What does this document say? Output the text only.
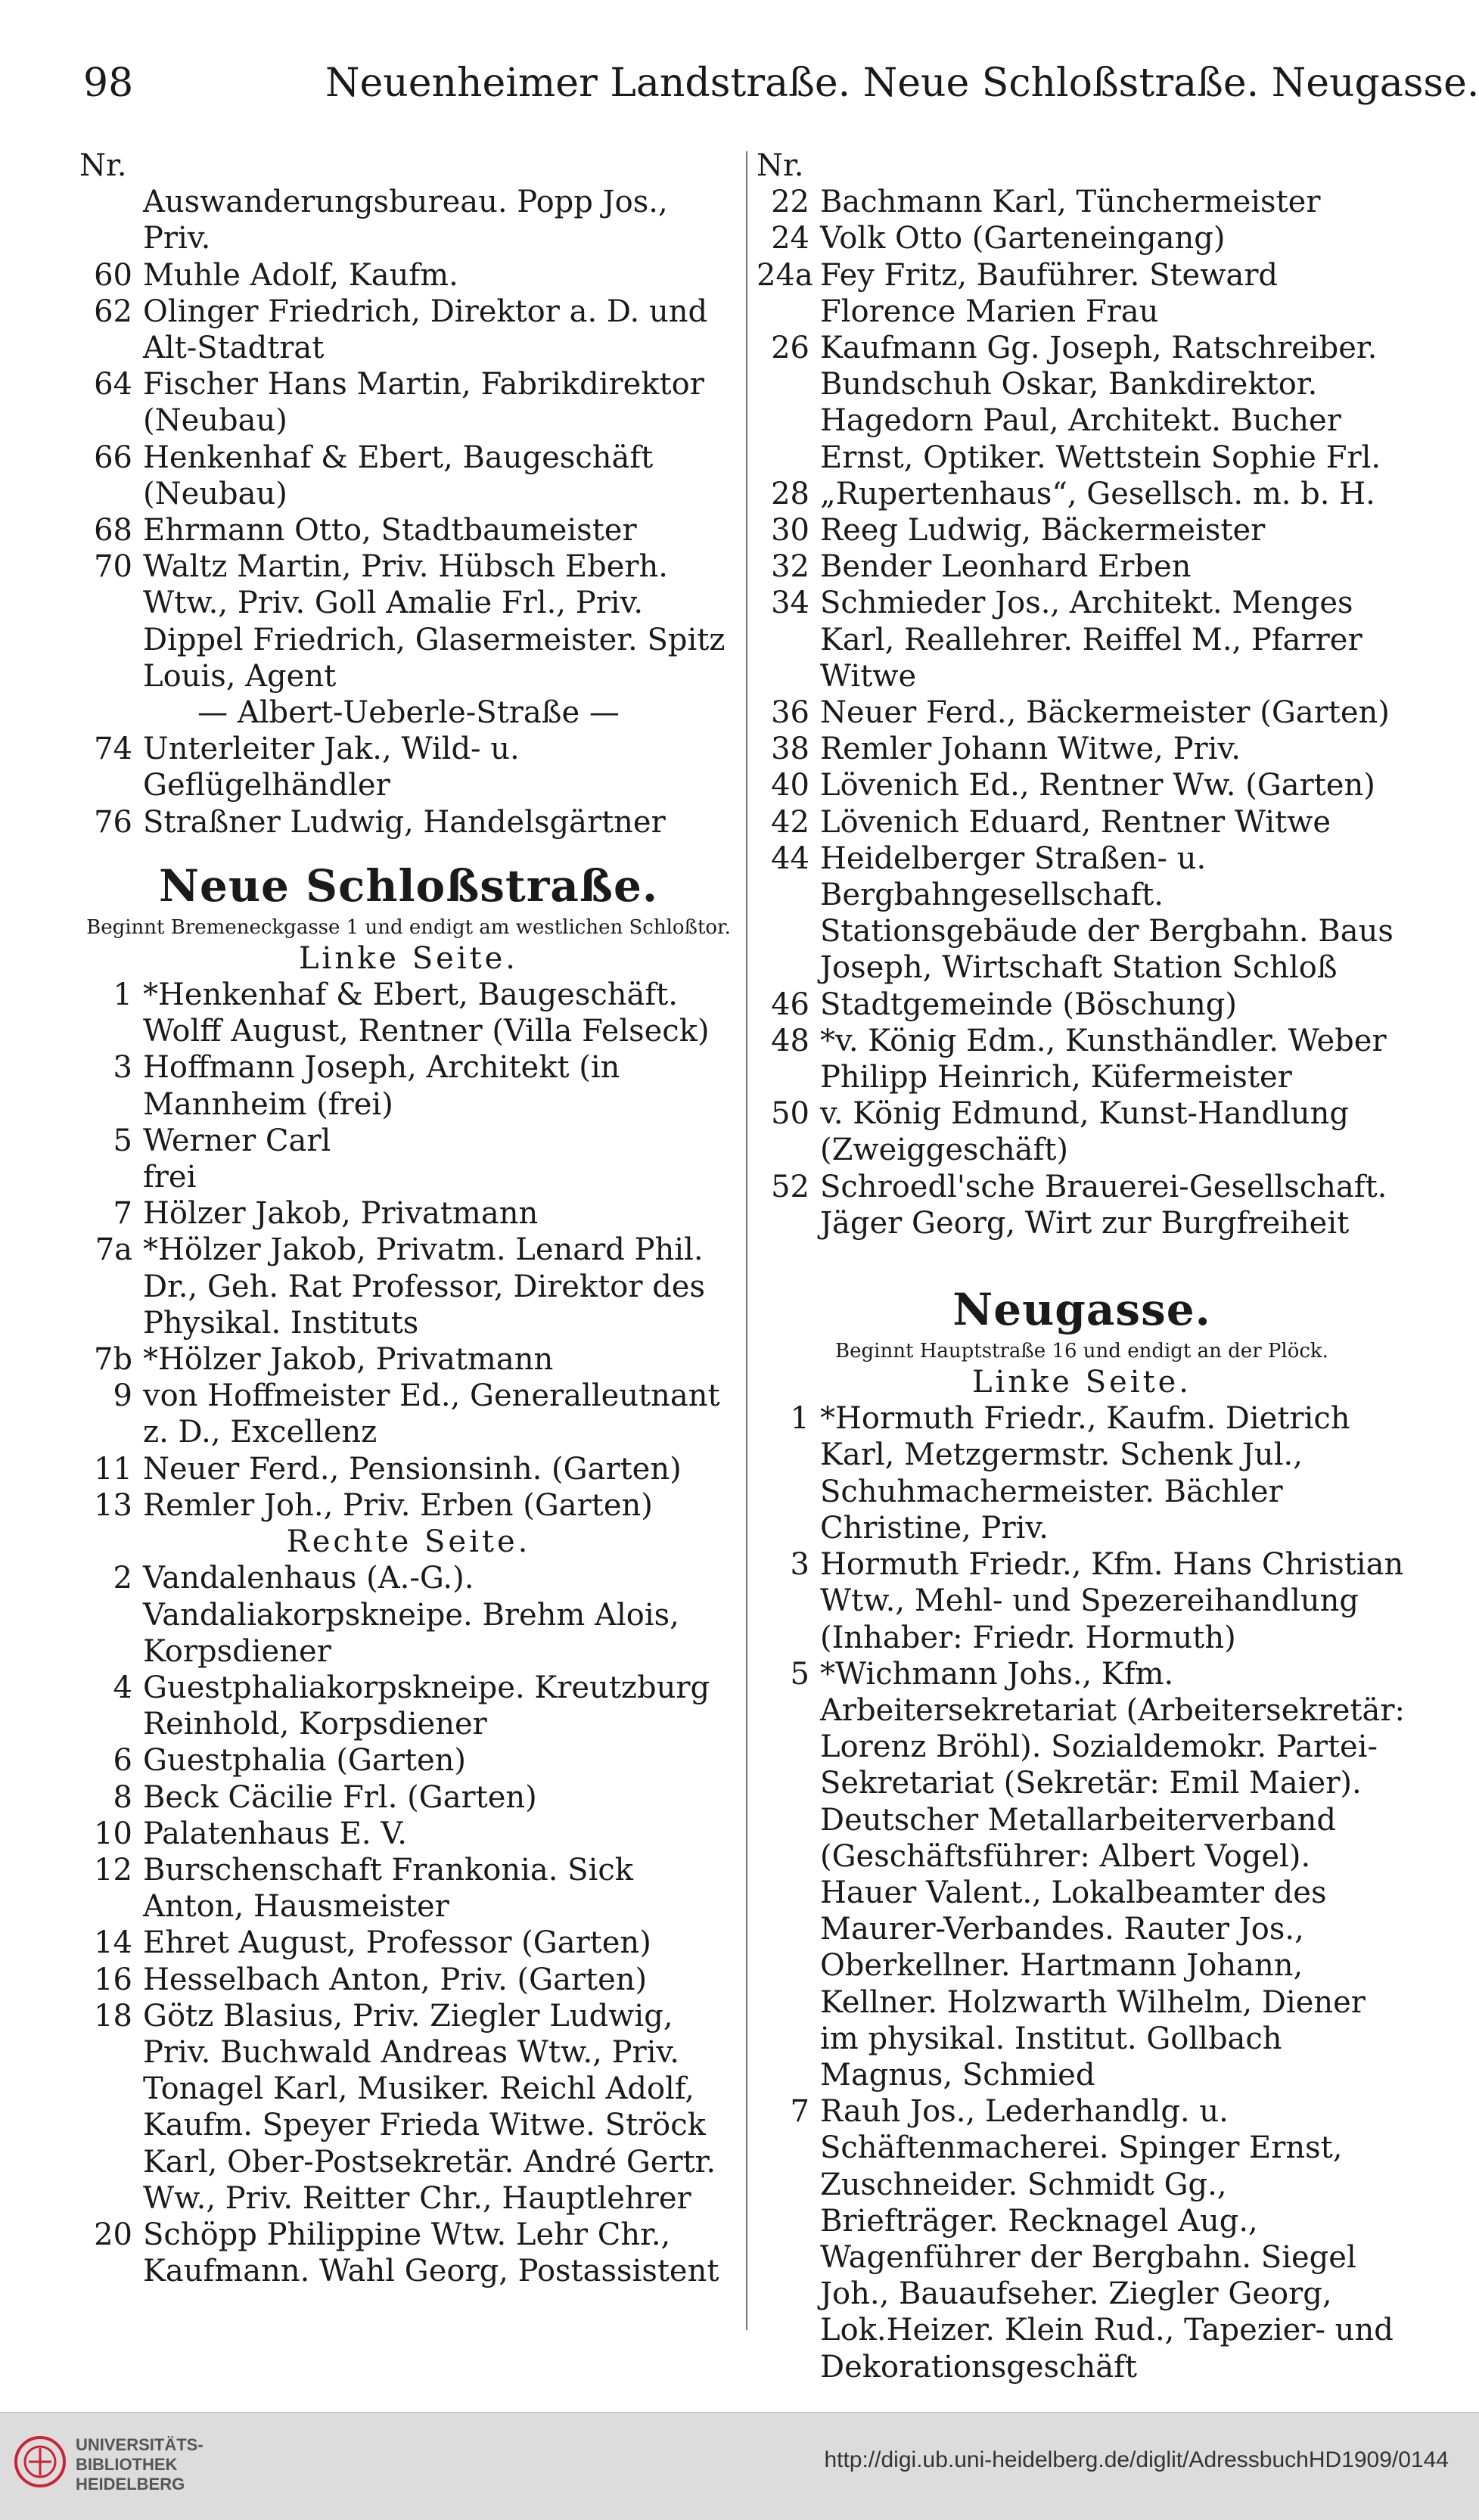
98	Neuenheimer Landstraße. Neue Schloßstraße. Neugasse.
Nr.
Auswanderungsbureau. Popp Jos., Priv.
60 Muhle Adolf, Kaufm.
62 Olinger Friedrich, Direktor a. D. und Alt-Stadtrat
64 Fischer Hans Martin, Fabrikdirektor (Neubau)
66 Henkenhaf & Ebert, Baugeschäft (Neubau)
68 Ehrmann Otto, Stadtbaumeister
70 Waltz Martin, Priv. Hübsch Eberh. Wtw., Priv. Goll Amalie Frl., Priv. Dippel Friedrich, Glasermeister. Spitz Louis, Agent
— Albert-Ueberle-Straße —
74 Unterleiter Jak., Wild- u. Geflügelhändler
76 Straßner Ludwig, Handelsgärtner
Neue Schloßstraße.
Beginnt Bremeneckgasse 1 und endigt am westlichen Schloßtor.
Linke Seite.
1 *Henkenhaf & Ebert, Baugeschäft. Wolff August, Rentner (Villa Felseck)
3 Hoffmann Joseph, Architekt (in Mannheim (frei)
5 Werner Carl
frei
7 Hölzer Jakob, Privatmann
7a *Hölzer Jakob, Privatm. Lenard Phil. Dr., Geh. Rat Professor, Direktor des Physikal. Instituts
7b *Hölzer Jakob, Privatmann
9 von Hoffmeister Ed., Generalleutnant z. D., Excellenz
11 Neuer Ferd., Pensionsinh. (Garten)
13 Remler Joh., Priv. Erben (Garten)
Rechte Seite.
2 Vandalenhaus (A.-G.). Vandaliakorpskneipe. Brehm Alois, Korpsdiener
4 Guestphaliakorpskneipe. Kreutzburg Reinhold, Korpsdiener
6 Guestphalia (Garten)
8 Beck Cäcilie Frl. (Garten)
10 Palatenhaus E. V.
12 Burschenschaft Frankonia. Sick Anton, Hausmeister
14 Ehret August, Professor (Garten)
16 Hesselbach Anton, Priv. (Garten)
18 Götz Blasius, Priv. Ziegler Ludwig, Priv. Buchwald Andreas Wtw., Priv. Tonagel Karl, Musiker. Reichl Adolf, Kaufm. Speyer Frieda Witwe. Ströck Karl, Ober-Postsekretär. André Gertr. Ww., Priv. Reitter Chr., Hauptlehrer
20 Schöpp Philippine Wtw. Lehr Chr., Kaufmann. Wahl Georg, Postassistent
Nr.
22 Bachmann Karl, Tünchermeister
24 Volk Otto (Garteneingang)
24a Fey Fritz, Bauführer. Steward Florence Marien Frau
26 Kaufmann Gg. Joseph, Ratschreiber. Bundschuh Oskar, Bankdirektor. Hagedorn Paul, Architekt. Bucher Ernst, Optiker. Wettstein Sophie Frl.
28 „Rupertenhaus“, Gesellsch. m. b. H.
30 Reeg Ludwig, Bäckermeister
32 Bender Leonhard Erben
34 Schmieder Jos., Architekt. Menges Karl, Reallehrer. Reiffel M., Pfarrer Witwe
36 Neuer Ferd., Bäckermeister (Garten)
38 Remler Johann Witwe, Priv.
40 Lövenich Ed., Rentner Ww. (Garten)
42 Lövenich Eduard, Rentner Witwe
44 Heidelberger Straßen- u. Bergbahngesellschaft. Stationsgebäude der Bergbahn. Baus Joseph, Wirtschaft Station Schloß
46 Stadtgemeinde (Böschung)
48 *v. König Edm., Kunsthändler. Weber Philipp Heinrich, Küfermeister
50 v. König Edmund, Kunst-Handlung (Zweiggeschäft)
52 Schroedl'sche Brauerei-Gesellschaft. Jäger Georg, Wirt zur Burgfreiheit
Neugasse.
Beginnt Hauptstraße 16 und endigt an der Plöck.
Linke Seite.
1 *Hormuth Friedr., Kaufm. Dietrich Karl, Metzgermstr. Schenk Jul., Schuhmachermeister. Bächler Christine, Priv.
3 Hormuth Friedr., Kfm. Hans Christian Wtw., Mehl- und Spezereihandlung (Inhaber: Friedr. Hormuth)
5 *Wichmann Johs., Kfm. Arbeitersekretariat (Arbeitersekretär: Lorenz Bröhl). Sozialdemokr. Partei-Sekretariat (Sekretär: Emil Maier). Deutscher Metallarbeiterverband (Geschäftsführer: Albert Vogel). Hauer Valent., Lokalbeamter des Maurer-Verbandes. Rauter Jos., Oberkellner. Hartmann Johann, Kellner. Holzwarth Wilhelm, Diener im physikal. Institut. Gollbach Magnus, Schmied
7 Rauh Jos., Lederhandlg. u. Schäftenmacherei. Spinger Ernst, Zuschneider. Schmidt Gg., Briefträger. Recknagel Aug., Wagenführer der Bergbahn. Siegel Joh., Bauaufseher. Ziegler Georg, Lok.Heizer. Klein Rud., Tapezier- und Dekorationsgeschäft
UNIVERSITÄTS-
BIBLIOTHEK
HEIDELBERG
http://digi.ub.uni-heidelberg.de/diglit/AdressbuchHD1909/0144
